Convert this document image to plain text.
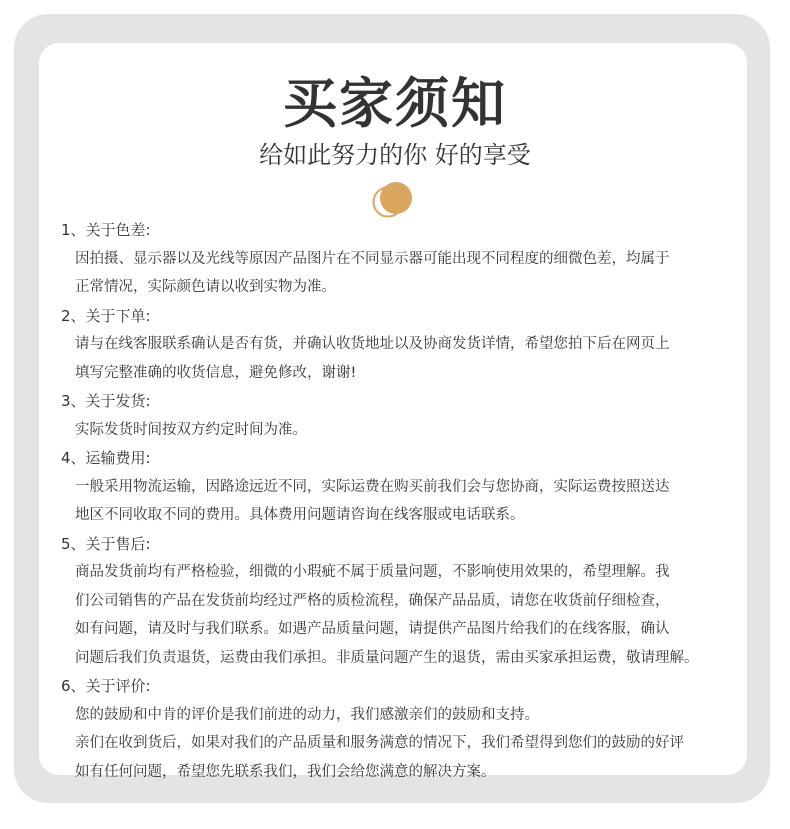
买家须知
给如此努力的你 好的享受
1、关于色差:
因拍摄、显示器以及光线等原因产品图片在不同显示器可能出现不同程度的细微色差，均属于
正常情况，实际颜色请以收到实物为准。
2、关于下单:
请与在线客服联系确认是否有货，并确认收货地址以及协商发货详情，希望您拍下后在网页上
填写完整准确的收货信息，避免修改，谢谢!
3、关于发货:
实际发货时间按双方约定时间为准。
4、运输费用:
一般采用物流运输，因路途远近不同，实际运费在购买前我们会与您协商，实际运费按照送达
地区不同收取不同的费用。具体费用问题请咨询在线客服或电话联系。
5、关于售后:
商品发货前均有严格检验，细微的小瑕疵不属于质量问题，不影响使用效果的，希望理解。我
们公司销售的产品在发货前均经过严格的质检流程，确保产品品质，请您在收货前仔细检查，
如有问题，请及时与我们联系。如遇产品质量问题，请提供产品图片给我们的在线客服，确认
问题后我们负责退货，运费由我们承担。非质量问题产生的退货，需由买家承担运费，敬请理解。
6、关于评价:
您的鼓励和中肯的评价是我们前进的动力，我们感激亲们的鼓励和支持。
亲们在收到货后，如果对我们的产品质量和服务满意的情况下，我们希望得到您们的鼓励的好评
如有任何问题，希望您先联系我们，我们会给您满意的解决方案。
